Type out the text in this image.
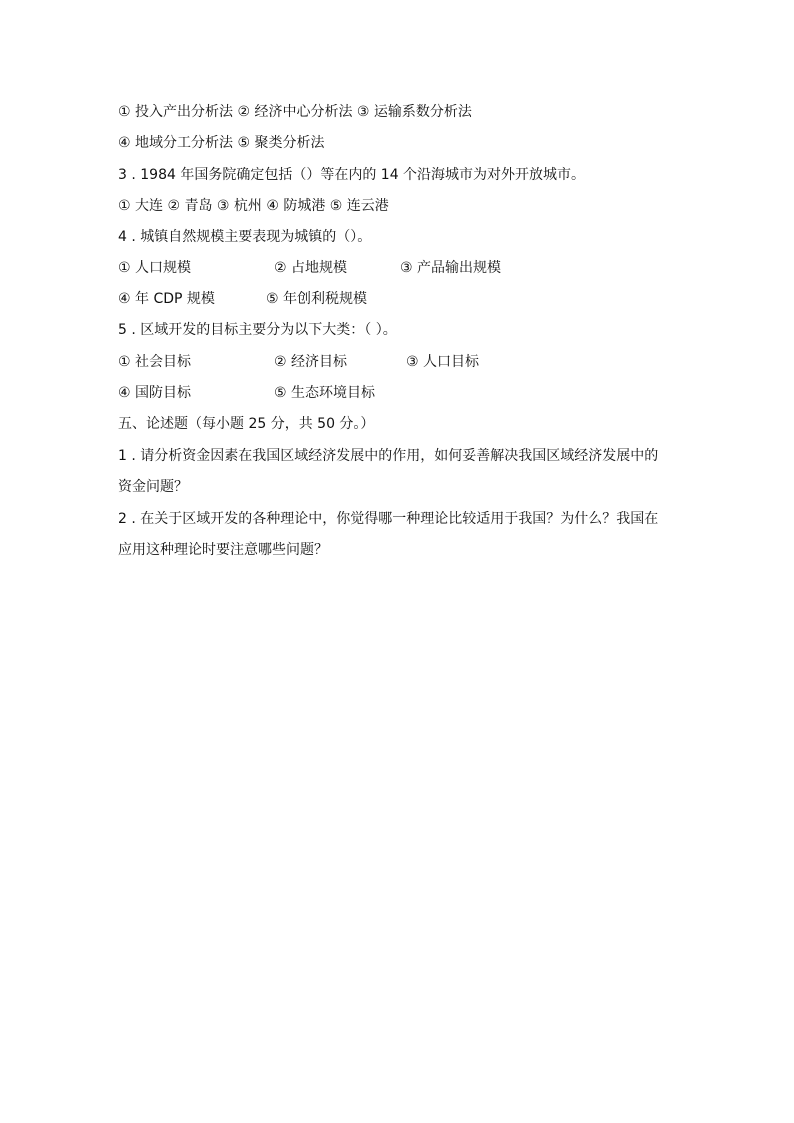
① 投入产出分析法 ② 经济中心分析法 ③ 运输系数分析法
④ 地域分工分析法 ⑤ 聚类分析法
3 . 1984 年国务院确定包括（）等在内的 14 个沿海城市为对外开放城市。
① 大连 ② 青岛 ③ 杭州 ④ 防城港 ⑤ 连云港
4 . 城镇自然规模主要表现为城镇的（）。
① 人口规模	② 占地规模	③ 产品输出规模
④ 年 CDP 规模	⑤ 年创利税规模
5 . 区域开发的目标主要分为以下大类：（ ）。
① 社会目标	② 经济目标	③ 人口目标
④ 国防目标	⑤ 生态环境目标
五、论述题（每小题 25 分，共 50 分。）
1 . 请分析资金因素在我国区域经济发展中的作用，如何妥善解决我国区域经济发展中的
资金问题？
2 . 在关于区域开发的各种理论中，你觉得哪一种理论比较适用于我国？为什么？我国在
应用这种理论时要注意哪些问题？
